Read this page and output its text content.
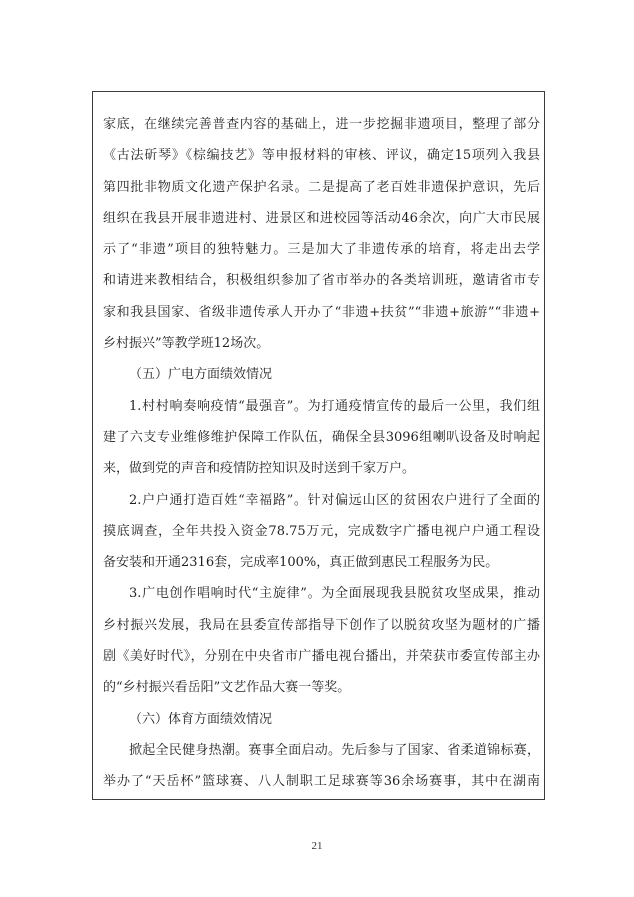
家底，在继续完善普查内容的基础上，进一步挖掘非遗项目，整理了部分
《古法斫琴》《棕编技艺》等申报材料的审核、评议，确定15项列入我县
第四批非物质文化遗产保护名录。二是提高了老百姓非遗保护意识，先后
组织在我县开展非遗进村、进景区和进校园等活动46余次，向广大市民展
示了“非遗”项目的独特魅力。三是加大了非遗传承的培育，将走出去学
和请进来教相结合，积极组织参加了省市举办的各类培训班，邀请省市专
家和我县国家、省级非遗传承人开办了“非遗+扶贫”“非遗+旅游”“非遗+
乡村振兴”等教学班12场次。
（五）广电方面绩效情况
1.村村响奏响疫情“最强音”。为打通疫情宣传的最后一公里，我们组
建了六支专业维修维护保障工作队伍，确保全县3096组喇叭设备及时响起
来，做到党的声音和疫情防控知识及时送到千家万户。
2.户户通打造百姓“幸福路”。针对偏远山区的贫困农户进行了全面的
摸底调查，全年共投入资金78.75万元，完成数字广播电视户户通工程设
备安装和开通2316套，完成率100%，真正做到惠民工程服务为民。
3.广电创作唱响时代“主旋律”。为全面展现我县脱贫攻坚成果，推动
乡村振兴发展，我局在县委宣传部指导下创作了以脱贫攻坚为题材的广播
剧《美好时代》，分别在中央省市广播电视台播出，并荣获市委宣传部主办
的“乡村振兴看岳阳”文艺作品大赛一等奖。
（六）体育方面绩效情况
掀起全民健身热潮。赛事全面启动。先后参与了国家、省柔道锦标赛，
举办了“天岳杯”篮球赛、八人制职工足球赛等36余场赛事，其中在湖南
21
